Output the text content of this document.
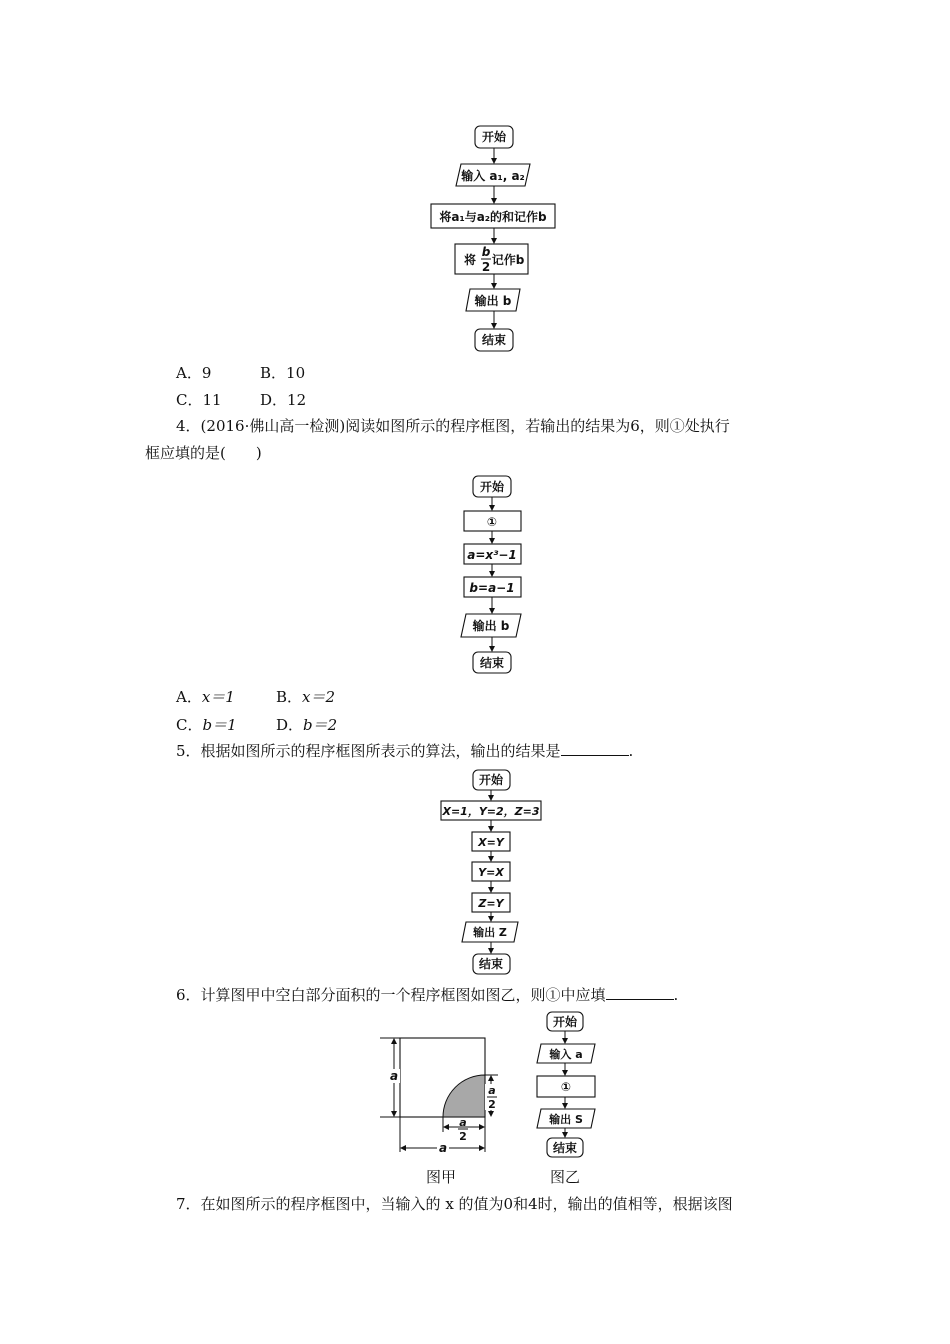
开始
输入 a₁, a₂
将a₁与a₂的和记作b
将
b
2 记作b
输出 b
结束
A．9	B．10
C．11	D．12
4．(2016·佛山高一检测)阅读如图所示的程序框图，若输出的结果为6，则①处执行
框应填的是(　　)
开始
①
a=x³−1
b=a−1
输出 b
结束
A．x＝1	B．x＝2
C．b＝1	D．b＝2
5．根据如图所示的程序框图所表示的算法，输出的结果是	.
开始
X=1，Y=2，Z=3
X=Y
Y=X
Z=Y
输出 Z
结束
6．计算图甲中空白部分面积的一个程序框图如图乙，则①中应填	.
a
a
2
a
2
a
图甲
开始
输入 a
①
输出 S
结束
图乙
7．在如图所示的程序框图中，当输入的 x 的值为0和4时，输出的值相等，根据该图
